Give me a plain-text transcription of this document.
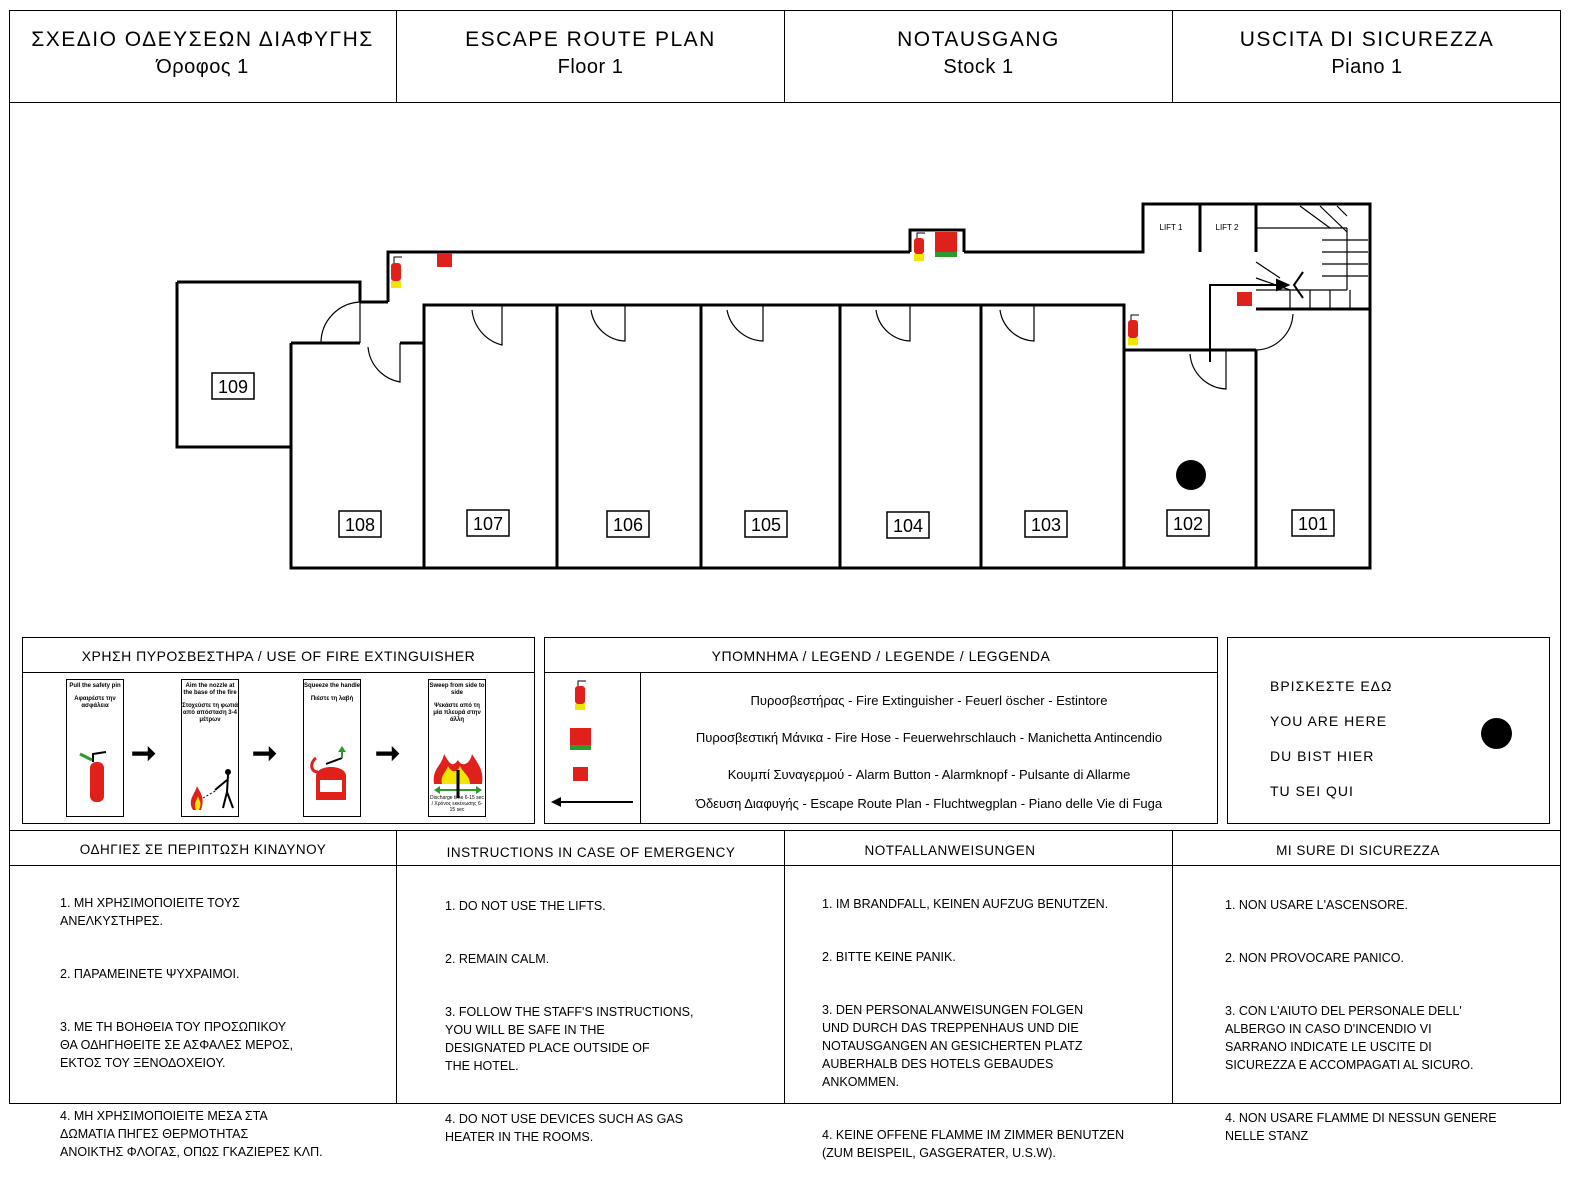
ΣΧΕΔΙΟ ΟΔΕΥΣΕΩΝ ΔΙΑΦΥΓΗΣ
Όροφος 1
ESCAPE ROUTE PLAN
Floor 1
NOTAUSGANG
Stock 1
USCITA DI SICUREZZA
Piano 1
LIFT 1	LIFT 2
109
108	107	106	105	104	103	102	101
ΧΡΗΣΗ ΠΥΡΟΣΒΕΣΤΗΡΑ / USE OF FIRE EXTINGUISHER
Pull the safety pin
Αφαιρέστε την ασφάλεια
➞
Aim the nozzle at the base of the fire
Στοχεύστε τη φωτιά από απόσταση 3-4 μέτρων
➞
Squeeze the handle
Πιέστε τη λαβή
➞
Sweep from side to side
Ψεκάστε από τη μία πλευρά στην άλλη
Discharge time 6-15 sec / Χρόνος εκκένωσης 6-15 sec
ΥΠΟΜΝΗΜΑ / LEGEND / LEGENDE / LEGGENDA
Πυροσβεστήρας - Fire Extinguisher - Feuerl öscher - Estintore
Πυροσβεστική Μάνικα - Fire Hose - Feuerwehrschlauch - Manichetta Antincendio
Κουμπί Συναγερμού - Alarm Button - Alarmknopf - Pulsante di Allarme
Όδευση Διαφυγής - Escape Route Plan - Fluchtwegplan - Piano delle Vie di Fuga
ΒΡΙΣΚΕΣΤΕ ΕΔΩ
YOU ARE HERE
DU BIST HIER
TU SEI QUI
ΟΔΗΓΙΕΣ ΣΕ ΠΕΡΙΠΤΩΣΗ ΚΙΝΔΥΝΟΥ	INSTRUCTIONS IN CASE OF EMERGENCY	NOTFALLANWEISUNGEN	MI SURE DI SICUREZZA

1. ΜΗ ΧΡΗΣΙΜΟΠΟΙΕΙΤΕ ΤΟΥΣ
ΑΝΕΛΚΥΣΤΗΡΕΣ.

2. ΠΑΡΑΜΕΙΝΕΤΕ ΨΥΧΡΑΙΜΟΙ.

3. ΜΕ ΤΗ ΒΟΗΘΕΙΑ ΤΟΥ ΠΡΟΣΩΠΙΚΟΥ
ΘΑ ΟΔΗΓΗΘΕΙΤΕ ΣΕ ΑΣΦΑΛΕΣ ΜΕΡΟΣ,
ΕΚΤΟΣ ΤΟΥ ΞΕΝΟΔΟΧΕΙΟΥ.

4. ΜΗ ΧΡΗΣΙΜΟΠΟΙΕΙΤΕ ΜΕΣΑ ΣΤΑ
ΔΩΜΑΤΙΑ ΠΗΓΕΣ ΘΕΡΜΟΤΗΤΑΣ
ΑΝΟΙΚΤΗΣ ΦΛΟΓΑΣ, ΟΠΩΣ ΓΚΑΖΙΕΡΕΣ ΚΛΠ.

1. DO NOT USE THE LIFTS.

2. REMAIN CALM.

3. FOLLOW THE STAFF'S INSTRUCTIONS,
YOU WILL BE SAFE IN THE
DESIGNATED PLACE OUTSIDE OF
THE HOTEL.

4. DO NOT USE DEVICES SUCH AS GAS
HEATER IN THE ROOMS.

1. IM BRANDFALL, KEINEN AUFZUG BENUTZEN.

2. BITTE KEINE PANIK.

3. DEN PERSONALANWEISUNGEN FOLGEN
UND DURCH DAS TREPPENHAUS UND DIE
NOTAUSGANGEN AN GESICHERTEN PLATZ
AUBERHALB DES HOTELS GEBAUDES
ANKOMMEN.

4. KEINE OFFENE FLAMME IM ZIMMER BENUTZEN
(ZUM BEISPEIL, GASGERATER, U.S.W).

1. NON USARE L'ASCENSORE.

2. NON PROVOCARE PANICO.

3. CON L'AIUTO DEL PERSONALE DELL'
ALBERGO IN CASO D'INCENDIO VI
SARRANO INDICATE LE USCITE DI
SICUREZZA E ACCOMPAGATI AL SICURO.

4. NON USARE FLAMME DI NESSUN GENERE
NELLE STANZ
